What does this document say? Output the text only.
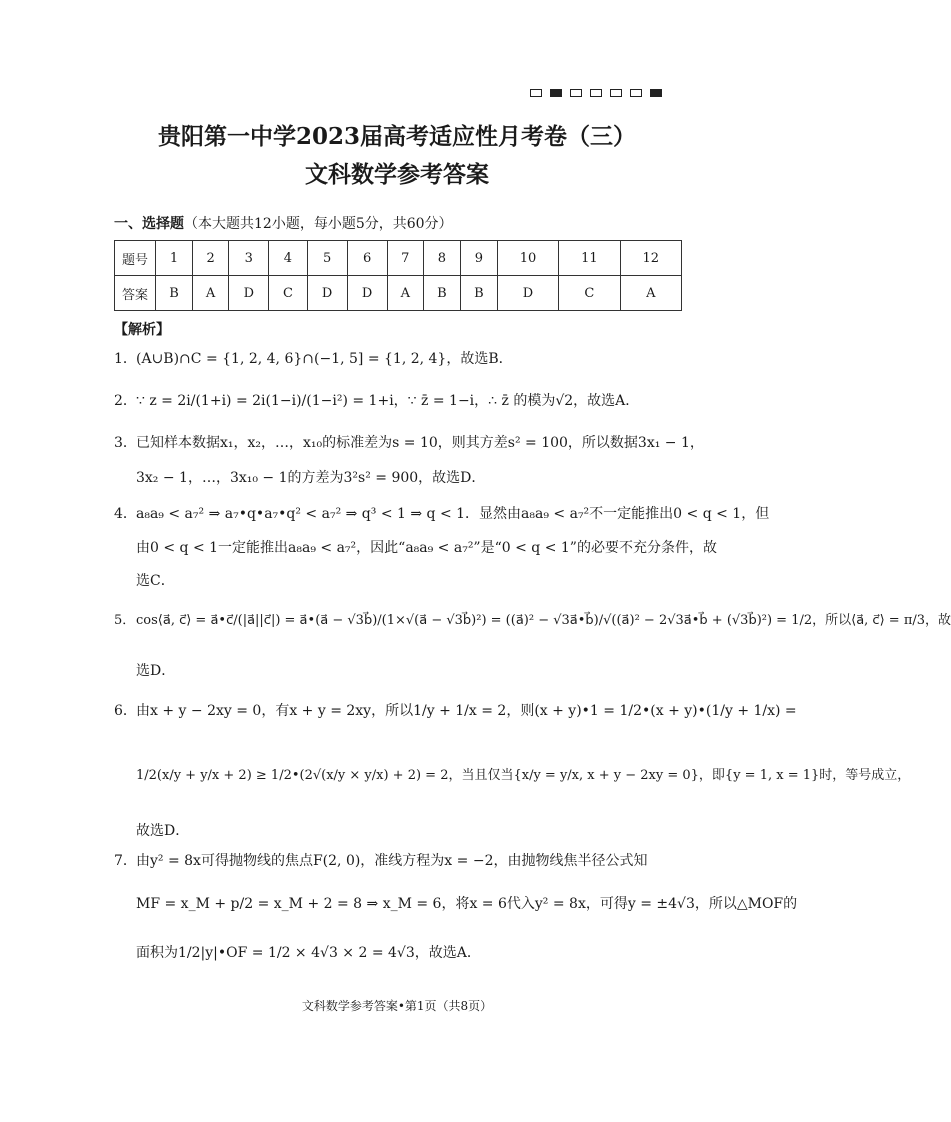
贵阳第一中学2023届高考适应性月考卷（三）
文科数学参考答案
一、选择题（本大题共12小题，每小题5分，共60分）
题号	1	2	3	4	5	6	7	8	9	10	11	12
答案	B	A	D	C	D	D	A	B	B	D	C	A
【解析】
1．(A∪B)∩C = {1, 2, 4, 6}∩(−1, 5] = {1, 2, 4}，故选B．
2．∵ z = 2i/(1+i) = 2i(1−i)/(1−i²) = 1+i，∵ z̄ = 1−i，∴ z̄ 的模为√2，故选A．
3．已知样本数据x₁，x₂，…，x₁₀的标准差为s = 10，则其方差s² = 100，所以数据3x₁ − 1，
3x₂ − 1，…，3x₁₀ − 1的方差为3²s² = 900，故选D．
4．a₈a₉ < a₇² ⇒ a₇•q•a₇•q² < a₇² ⇒ q³ < 1 ⇒ q < 1．显然由a₈a₉ < a₇²不一定能推出0 < q < 1，但
由0 < q < 1一定能推出a₈a₉ < a₇²，因此“a₈a₉ < a₇²”是“0 < q < 1”的必要不充分条件，故
选C．
5．cos⟨a⃗, c⃗⟩ = a⃗•c⃗/(|a⃗||c⃗|) = a⃗•(a⃗ − √3b⃗)/(1×√(a⃗ − √3b⃗)²) = ((a⃗)² − √3a⃗•b⃗)/√((a⃗)² − 2√3a⃗•b⃗ + (√3b⃗)²) = 1/2，所以⟨a⃗, c⃗⟩ = π/3，故
选D．
6．由x + y − 2xy = 0，有x + y = 2xy，所以1/y + 1/x = 2，则(x + y)•1 = 1/2•(x + y)•(1/y + 1/x) =
1/2(x/y + y/x + 2) ≥ 1/2•(2√(x/y × y/x) + 2) = 2，当且仅当{x/y = y/x, x + y − 2xy = 0}，即{y = 1, x = 1}时，等号成立，
故选D．
7．由y² = 8x可得抛物线的焦点F(2, 0)，准线方程为x = −2，由抛物线焦半径公式知
MF = x_M + p/2 = x_M + 2 = 8 ⇒ x_M = 6，将x = 6代入y² = 8x，可得y = ±4√3，所以△MOF的
面积为1/2|y|•OF = 1/2 × 4√3 × 2 = 4√3，故选A．
文科数学参考答案•第1页（共8页）
